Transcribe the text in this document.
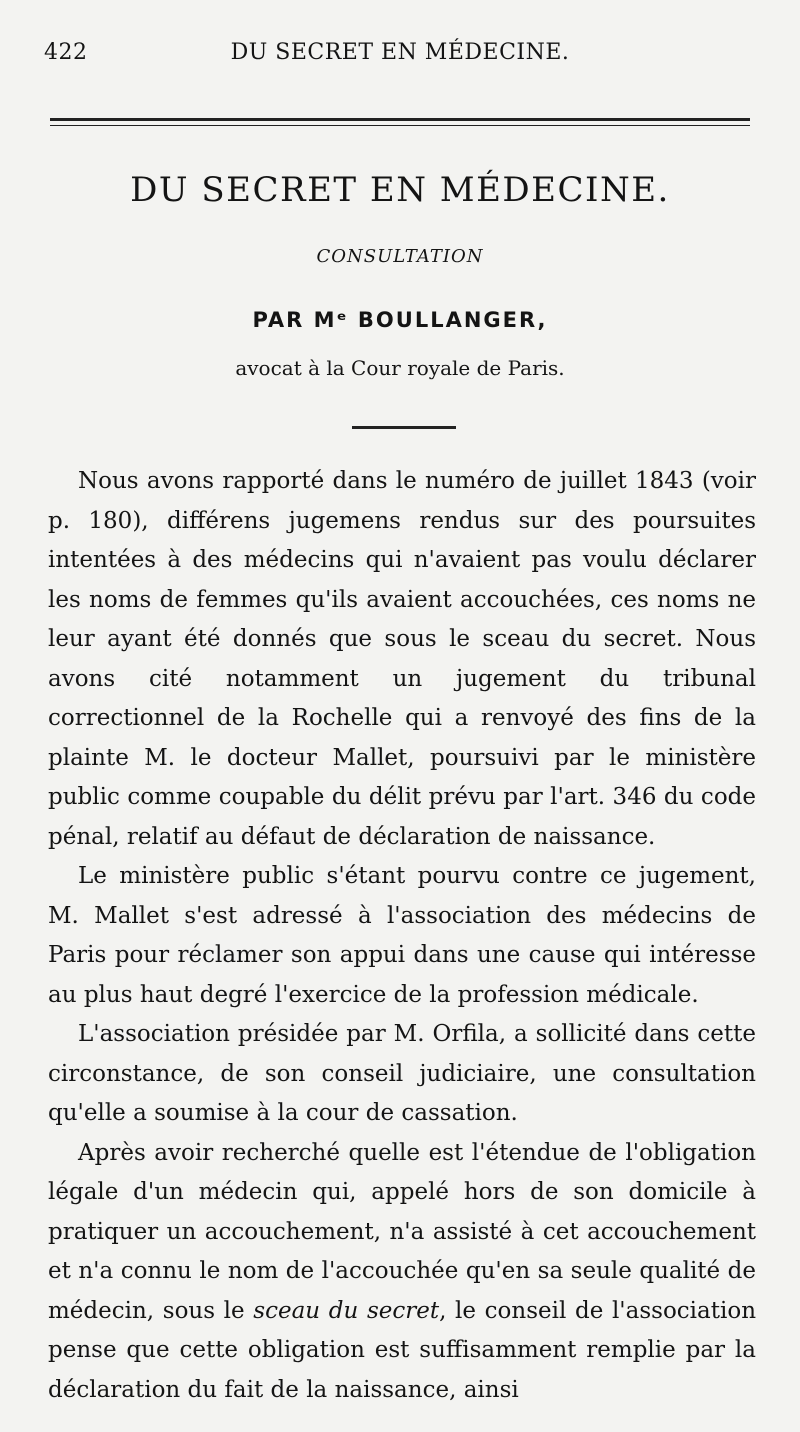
422	DU SECRET EN MÉDECINE.
DU SECRET EN MÉDECINE.
CONSULTATION
PAR Mᵉ BOULLANGER,
avocat à la Cour royale de Paris.

Nous avons rapporté dans le numéro de juillet 1843 (voir p. 180), différens jugemens rendus sur des poursuites intentées à des médecins qui n'avaient pas voulu déclarer les noms de femmes qu'ils avaient accouchées, ces noms ne leur ayant été donnés que sous le sceau du secret. Nous avons cité notamment un jugement du tribunal correctionnel de la Rochelle qui a renvoyé des fins de la plainte M. le docteur Mallet, poursuivi par le ministère public comme coupable du délit prévu par l'art. 346 du code pénal, relatif au défaut de déclaration de naissance.

Le ministère public s'étant pourvu contre ce jugement, M. Mallet s'est adressé à l'association des médecins de Paris pour réclamer son appui dans une cause qui intéresse au plus haut degré l'exercice de la profession médicale.

L'association présidée par M. Orfila, a sollicité dans cette circonstance, de son conseil judiciaire, une consultation qu'elle a soumise à la cour de cassation.

Après avoir recherché quelle est l'étendue de l'obligation légale d'un médecin qui, appelé hors de son domicile à pratiquer un accouchement, n'a assisté à cet accouchement et n'a connu le nom de l'accouchée qu'en sa seule qualité de médecin, sous le sceau du secret, le conseil de l'association pense que cette obligation est suffisamment remplie par la déclaration du fait de la naissance, ainsi
